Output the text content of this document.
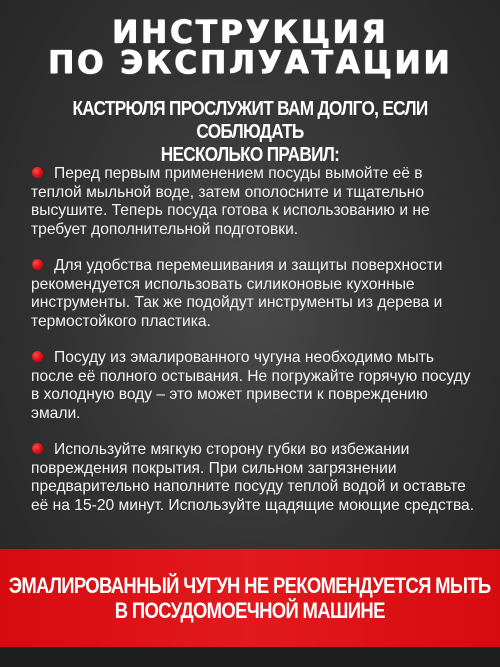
ИНСТРУКЦИЯ
ПО ЭКСПЛУАТАЦИИ
КАСТРЮЛЯ ПРОСЛУЖИТ ВАМ ДОЛГО, ЕСЛИ СОБЛЮДАТЬ
НЕСКОЛЬКО ПРАВИЛ:
Перед первым применением посуды вымойте её в теплой мыльной воде, затем ополосните и тщательно высушите. Теперь посуда готова к использованию и не требует дополнительной подготовки.
Для удобства перемешивания и защиты поверхности рекомендуется использовать силиконовые кухонные инструменты. Так же подойдут инструменты из дерева и термостойкого пластика.
Посуду из эмалированного чугуна необходимо мыть после её полного остывания. Не погружайте горячую посуду в холодную воду – это может привести к повреждению эмали.
Используйте мягкую сторону губки во избежании повреждения покрытия. При сильном загрязнении предварительно наполните посуду теплой водой и оставьте её на 15-20 минут. Используйте щадящие моющие средства.
ЭМАЛИРОВАННЫЙ ЧУГУН НЕ РЕКОМЕНДУЕТСЯ МЫТЬ
В ПОСУДОМОЕЧНОЙ МАШИНЕ
